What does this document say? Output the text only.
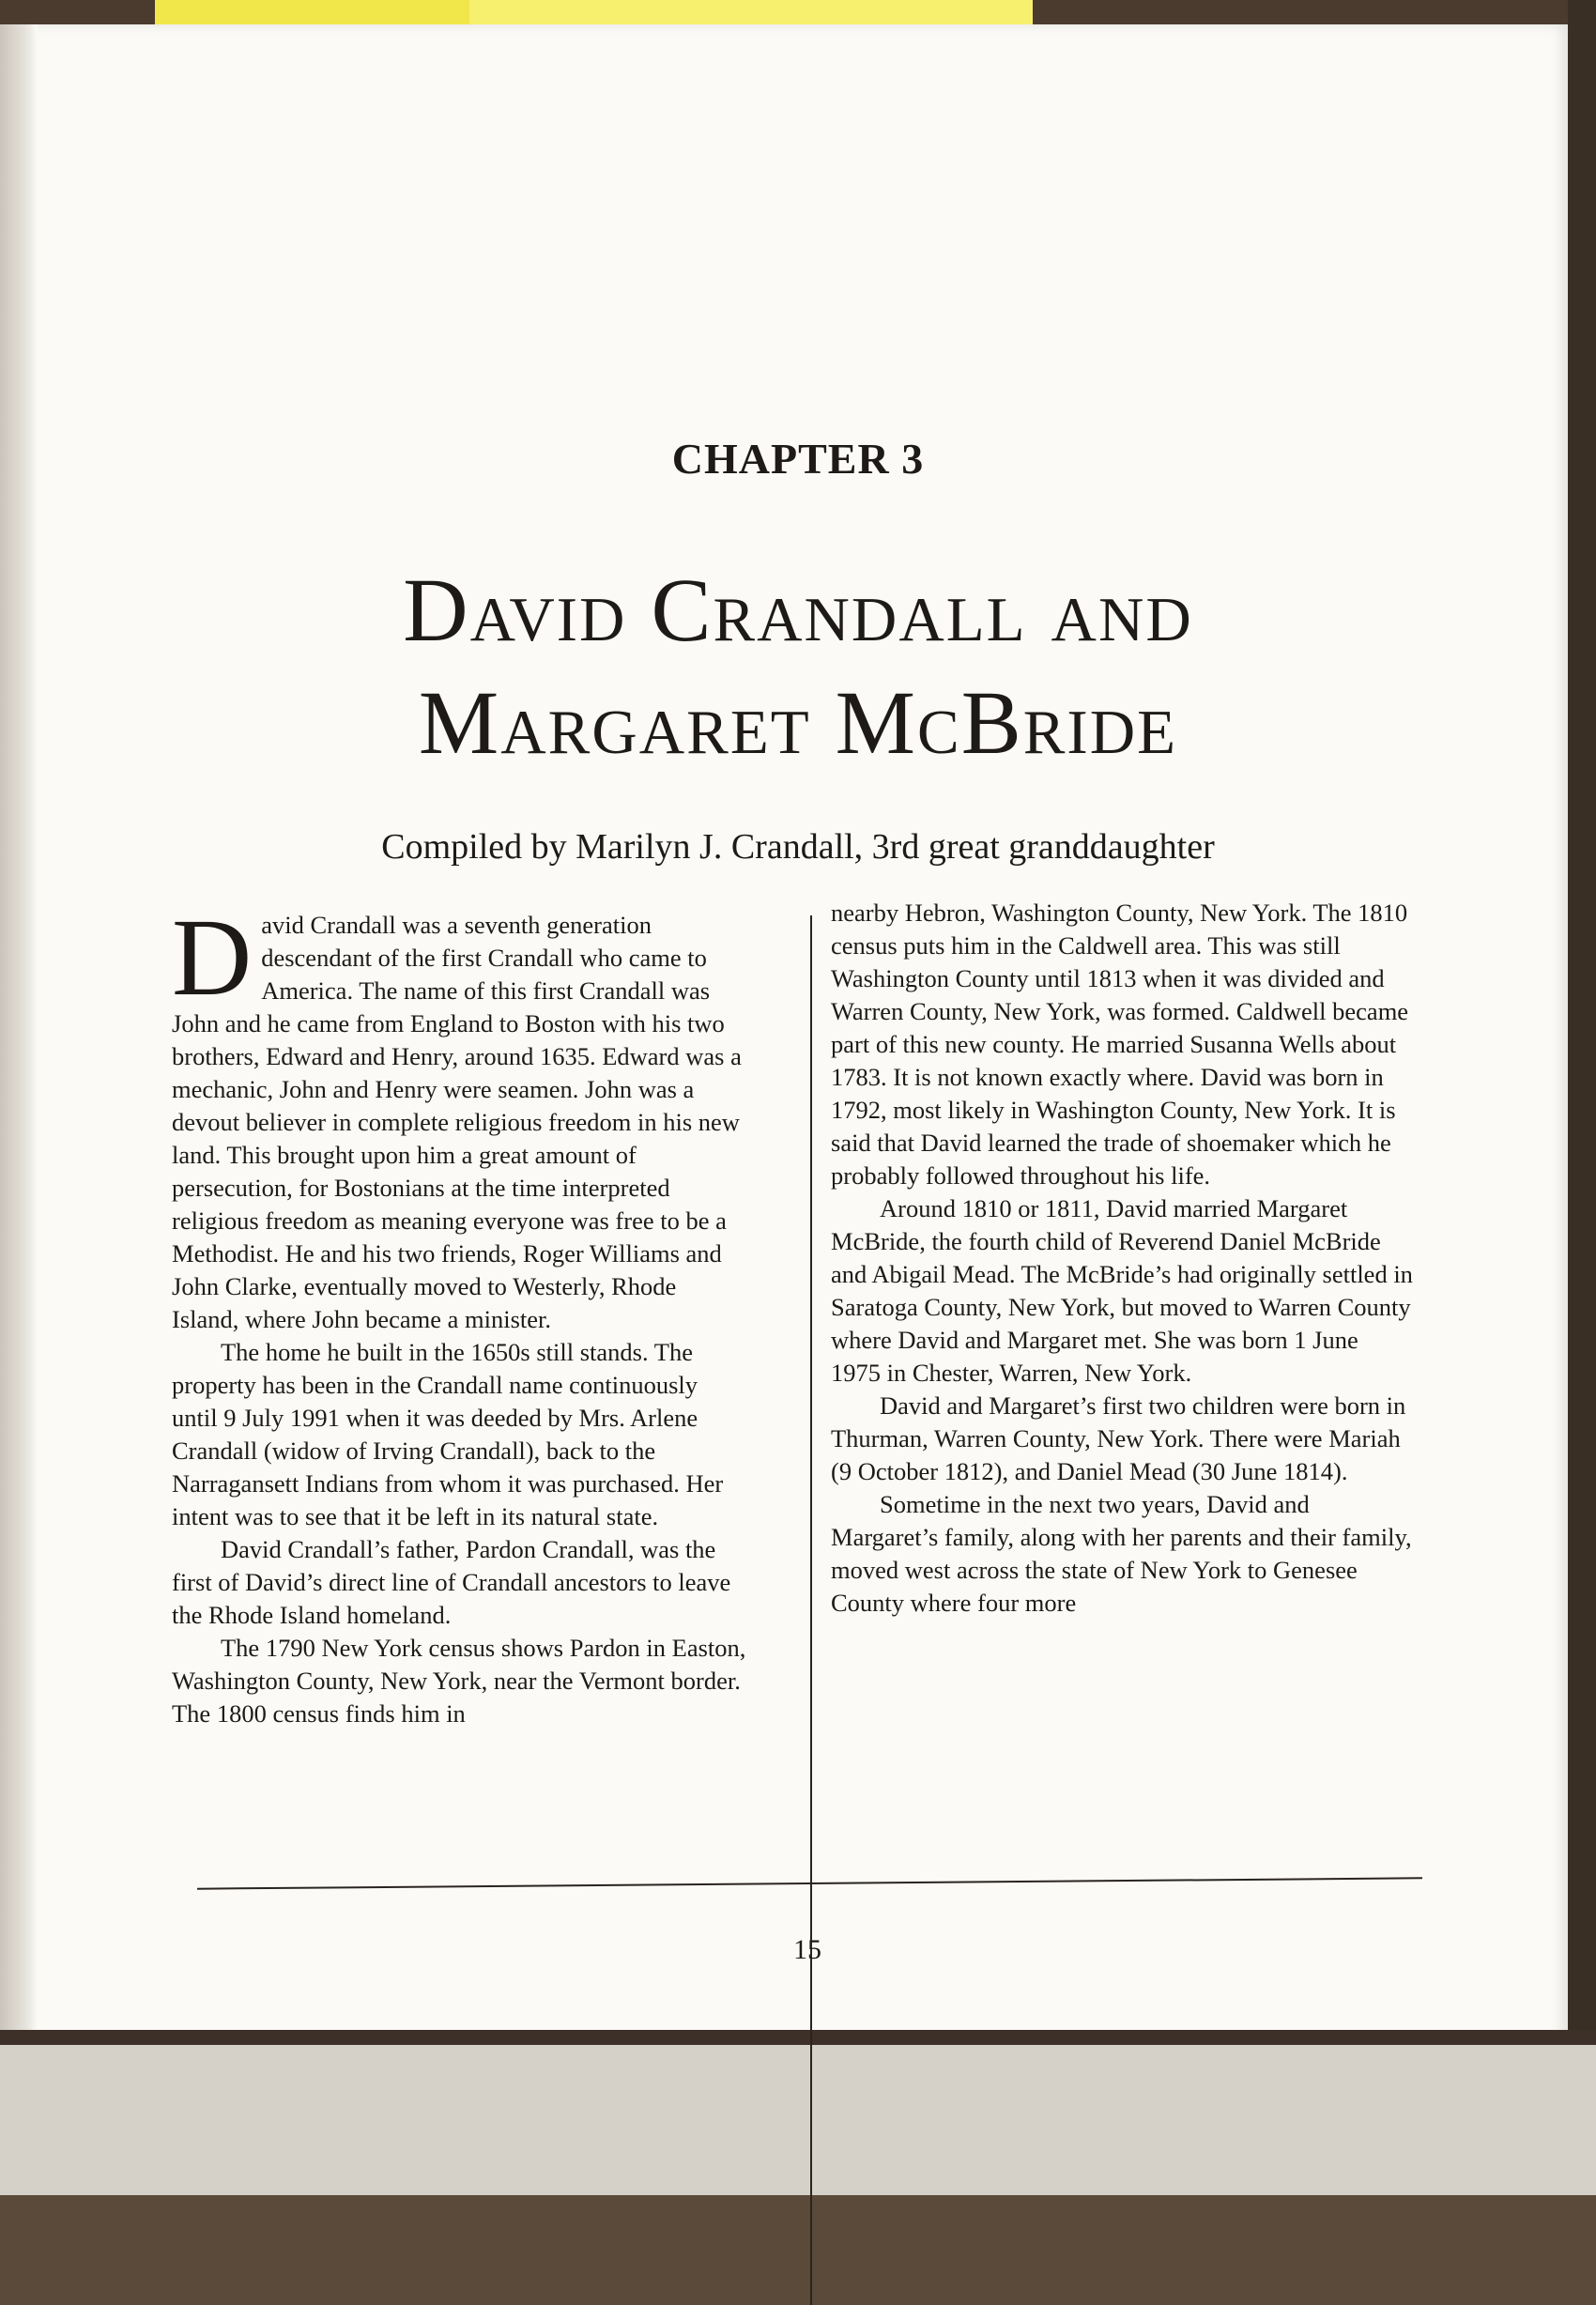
CHAPTER 3
David Crandall and
Margaret McBride
Compiled by Marilyn J. Crandall, 3rd great granddaughter

D avid Crandall was a seventh generation descendant of the first Crandall who came to America. The name of this first Crandall was John and he came from England to Boston with his two brothers, Edward and Henry, around 1635. Edward was a mechanic, John and Henry were seamen. John was a devout believer in complete religious freedom in his new land. This brought upon him a great amount of persecution, for Bostonians at the time interpreted religious freedom as meaning everyone was free to be a Methodist. He and his two friends, Roger Williams and John Clarke, eventually moved to Westerly, Rhode Island, where John became a minister.

The home he built in the 1650s still stands. The property has been in the Crandall name continuously until 9 July 1991 when it was deeded by Mrs. Arlene Crandall (widow of Irving Crandall), back to the Narragansett Indians from whom it was purchased. Her intent was to see that it be left in its natural state.

David Crandall’s father, Pardon Crandall, was the first of David’s direct line of Crandall ancestors to leave the Rhode Island homeland.

The 1790 New York census shows Pardon in Easton, Washington County, New York, near the Vermont border. The 1800 census finds him in

nearby Hebron, Washington County, New York. The 1810 census puts him in the Caldwell area. This was still Washington County until 1813 when it was divided and Warren County, New York, was formed. Caldwell became part of this new county. He married Susanna Wells about 1783. It is not known exactly where. David was born in 1792, most likely in Washington County, New York. It is said that David learned the trade of shoemaker which he probably followed throughout his life.

Around 1810 or 1811, David married Margaret McBride, the fourth child of Reverend Daniel McBride and Abigail Mead. The McBride’s had originally settled in Saratoga County, New York, but moved to Warren County where David and Margaret met. She was born 1 June 1975 in Chester, Warren, New York.

David and Margaret’s first two children were born in Thurman, Warren County, New York. There were Mariah (9 October 1812), and Daniel Mead (30 June 1814).

Sometime in the next two years, David and Margaret’s family, along with her parents and their family, moved west across the state of New York to Genesee County where four more

15
